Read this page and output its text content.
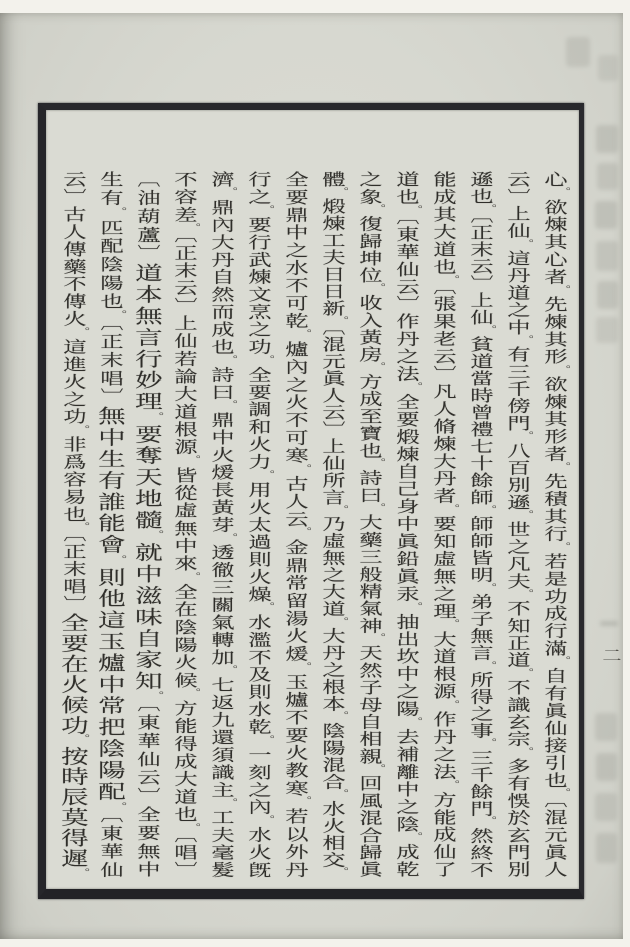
心。欲煉其心者。先煉其形。欲煉其形者。先積其行。若是功成行滿。自有眞仙接引也。〔混元眞人
云〕上仙。這丹道之中。有三千傍門。八百別遜。世之凡夫。不知正道。不識玄宗。多有悞於玄門別
遜也。〔正末云〕上仙。貧道當時曾禮七十餘師。師師皆明。弟子無言。所得之事。三千餘門。然終不
能成其大道也。〔張果老云〕凡人脩煉大丹者。要知虛無之理。大道根源。作丹之法。方能成仙了
道也。〔東華仙云〕作丹之法。全要煅煉自己身中眞鉛眞汞。抽出坎中之陽。去補離中之陰。成乾
之象。復歸坤位。收入黃房。方成至寶也。詩曰。大藥三般精氣神。天然子母自相親。回風混合歸眞
體。煅煉工夫日日新。〔混元眞人云〕上仙所言。乃虛無之大道。大丹之根本。陰陽混合。水火相交。
全要鼎中之水不可乾。爐內之火不可寒。古人云。金鼎常留湯火煖。玉爐不要火教寒。若以外丹
行之。要行武煉文烹之功。全要調和火力。用火太過則火燥。水濫不及則水乾。一刻之內。水火旣
濟。鼎內大丹自然而成也。詩曰。鼎中火煖長黃芽。透徹三關氣轉加。七返九還須識主。工夫毫髮
不容差。〔正末云〕上仙若論大道根源。皆從虛無中來。全在陰陽火候。方能得成大道也。〔唱〕
〔油葫蘆〕道本無言行妙理。要奪天地髓。就中滋味自家知。〔東華仙云〕全要無中
生有。匹配陰陽也。〔正末唱〕無中生有誰能會。則他這玉爐中常把陰陽配。〔東華仙
云〕古人傳藥不傳火。這進火之功。非爲容易也。〔正末唱〕全要在火候功。按時辰莫得遲。
二
